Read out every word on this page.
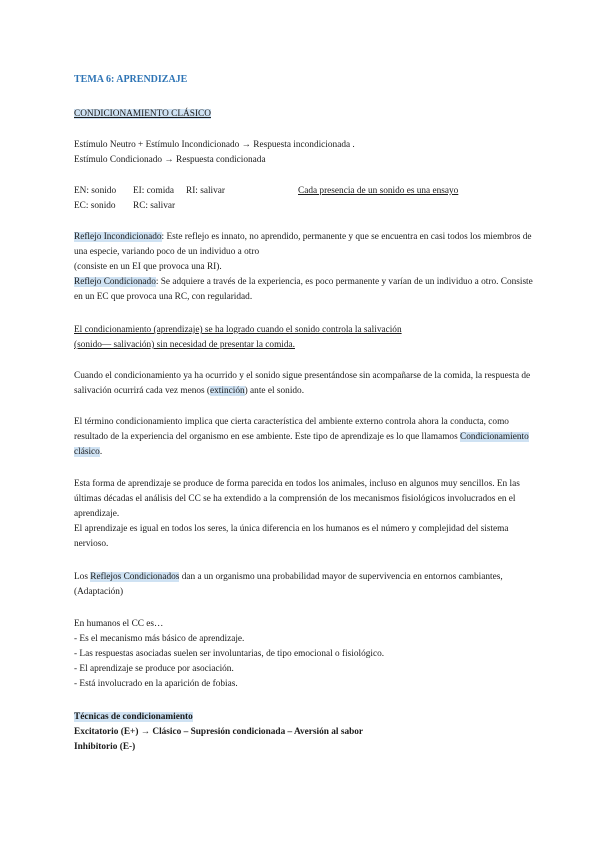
TEMA 6: APRENDIZAJE
CONDICIONAMIENTO CLÁSICO
Estímulo Neutro + Estímulo Incondicionado → Respuesta incondicionada .
Estímulo Condicionado → Respuesta condicionada
EN: sonido EI: comida RI: salivar	Cada presencia de un sonido es una ensayo
EC: sonido RC: salivar
Reflejo Incondicionado: Este reflejo es innato, no aprendido, permanente y que se encuentra en casi todos los miembros de una especie, variando poco de un individuo a otro
(consiste en un EI que provoca una RI).
Reflejo Condicionado: Se adquiere a través de la experiencia, es poco permanente y varían de un individuo a otro. Consiste en un EC que provoca una RC, con regularidad.
El condicionamiento (aprendizaje) se ha logrado cuando el sonido controla la salivación
(sonido— salivación) sin necesidad de presentar la comida.
Cuando el condicionamiento ya ha ocurrido y el sonido sigue presentándose sin acompañarse de la comida, la respuesta de salivación ocurrirá cada vez menos (extinción) ante el sonido.
El término condicionamiento implica que cierta característica del ambiente externo controla ahora la conducta, como resultado de la experiencia del organismo en ese ambiente. Este tipo de aprendizaje es lo que llamamos Condicionamiento clásico.
Esta forma de aprendizaje se produce de forma parecida en todos los animales, incluso en algunos muy sencillos. En las últimas décadas el análisis del CC se ha extendido a la comprensión de los mecanismos fisiológicos involucrados en el aprendizaje.
El aprendizaje es igual en todos los seres, la única diferencia en los humanos es el número y complejidad del sistema nervioso.
Los Reflejos Condicionados dan a un organismo una probabilidad mayor de supervivencia en entornos cambiantes, (Adaptación)
En humanos el CC es…
- Es el mecanismo más básico de aprendizaje.
- Las respuestas asociadas suelen ser involuntarias, de tipo emocional o fisiológico.
- El aprendizaje se produce por asociación.
- Está involucrado en la aparición de fobias.
Técnicas de condicionamiento
Excitatorio (E+) → Clásico – Supresión condicionada – Aversión al sabor
Inhibitorio (E-)
